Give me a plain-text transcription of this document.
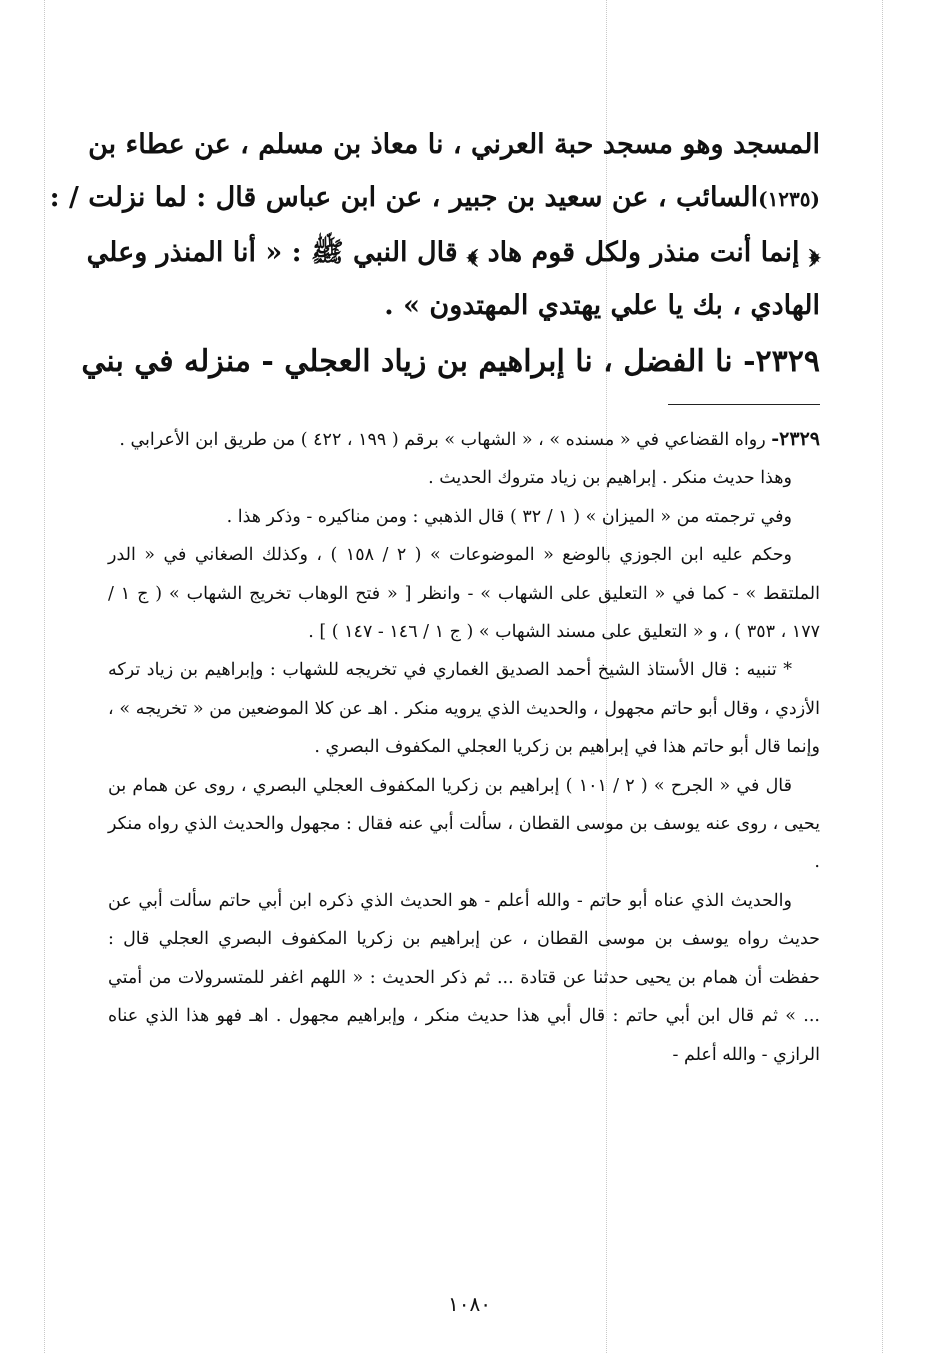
المسجد وهو مسجد حبة العرني ، نا معاذ بن مسلم ، عن عطاء بن
(١٢٣٥)السائب ، عن سعيد بن جبير ، عن ابن عباس قال : لما نزلت / :
﴿ إنما أنت منذر ولكل قوم هاد ﴾ قال النبي ﷺ : « أنا المنذر وعلي
الهادي ، بك يا علي يهتدي المهتدون » .
٢٣٢٩- نا الفضل ، نا إبراهيم بن زياد العجلي - منزله في بني

٢٣٢٩- رواه القضاعي في « مسنده » ، « الشهاب » برقم ( ١٩٩ ، ٤٢٢ ) من طريق ابن الأعرابي .

وهذا حديث منكر . إبراهيم بن زياد متروك الحديث .

وفي ترجمته من « الميزان » ( ١ / ٣٢ ) قال الذهبي : ومن مناكيره - وذكر هذا .

وحكم عليه ابن الجوزي بالوضع « الموضوعات » ( ٢ / ١٥٨ ) ، وكذلك الصغاني في « الدر الملتقط » - كما في « التعليق على الشهاب » - وانظر [ « فتح الوهاب تخريج الشهاب » ( ج ١ / ١٧٧ ، ٣٥٣ ) ، و « التعليق على مسند الشهاب » ( ج ١ / ١٤٦ - ١٤٧ ) ] .

* تنبيه : قال الأستاذ الشيخ أحمد الصديق الغماري في تخريجه للشهاب : وإبراهيم بن زياد تركه الأزدي ، وقال أبو حاتم مجهول ، والحديث الذي يرويه منكر . اهـ عن كلا الموضعين من « تخريجه » ، وإنما قال أبو حاتم هذا في إبراهيم بن زكريا العجلي المكفوف البصري .

قال في « الجرح » ( ٢ / ١٠١ ) إبراهيم بن زكريا المكفوف العجلي البصري ، روى عن همام بن يحيى ، روى عنه يوسف بن موسى القطان ، سألت أبي عنه فقال : مجهول والحديث الذي رواه منكر .

والحديث الذي عناه أبو حاتم - والله أعلم - هو الحديث الذي ذكره ابن أبي حاتم سألت أبي عن حديث رواه يوسف بن موسى القطان ، عن إبراهيم بن زكريا المكفوف البصري العجلي قال : حفظت أن همام بن يحيى حدثنا عن قتادة ... ثم ذكر الحديث : « اللهم اغفر للمتسرولات من أمتي ... » ثم قال ابن أبي حاتم : قال أبي هذا حديث منكر ، وإبراهيم مجهول . اهـ فهو هذا الذي عناه الرازي - والله أعلم -

١٠٨٠
